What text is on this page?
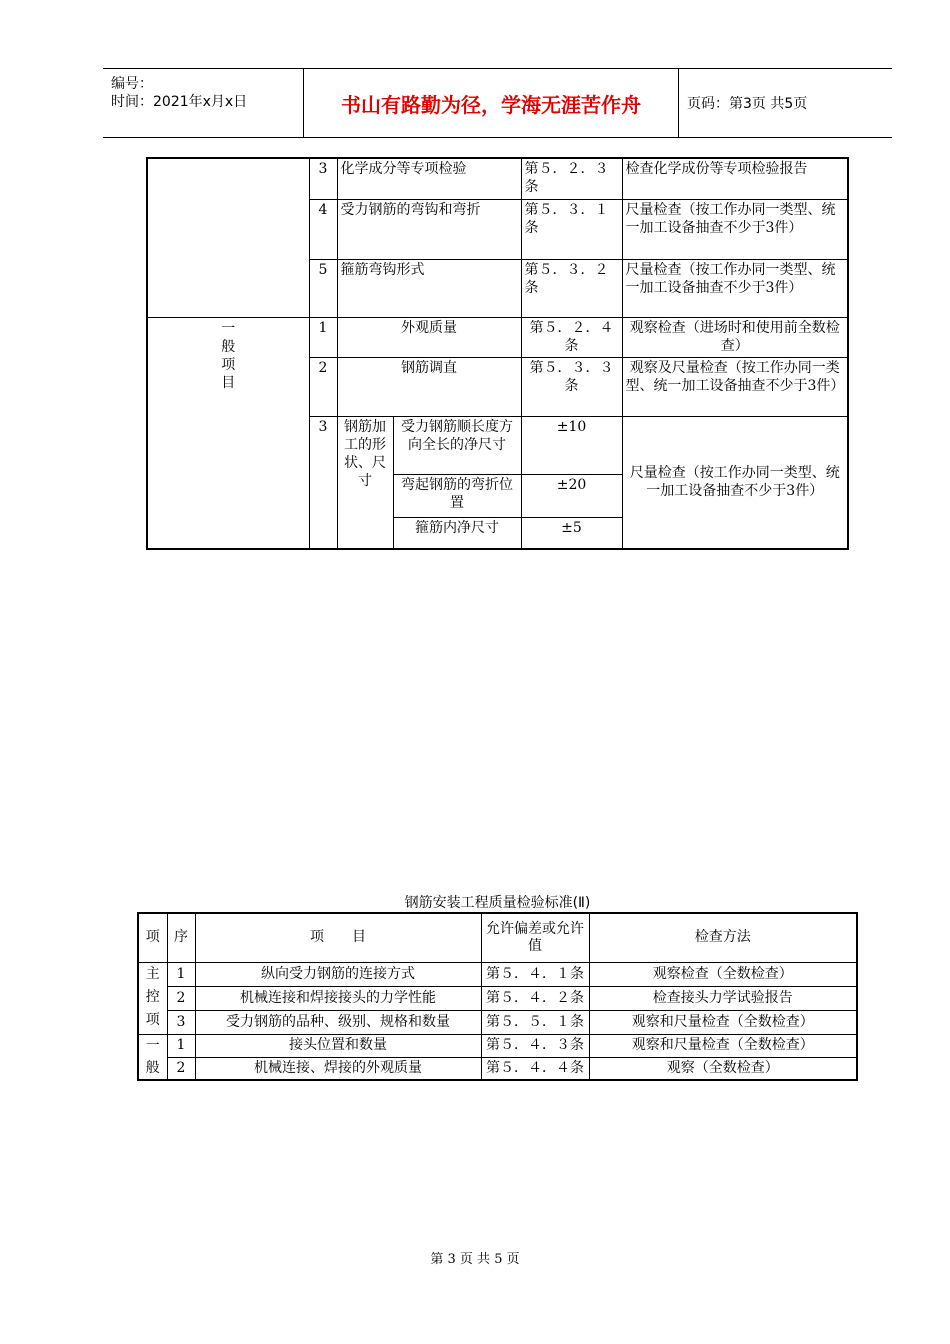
编号：
时间：2021年x月x日	书山有路勤为径，学海无涯苦作舟	页码：第3页 共5页
	3	化学成分等专项检验		第５．２．３条	检查化学成份等专项检验报告
	4	受力钢筋的弯钩和弯折		第５．３．１条	尺量检查（按工作办同一类型、统一加工设备抽查不少于3件）
	5	箍筋弯钩形式		第５．３．２条	尺量检查（按工作办同一类型、统一加工设备抽查不少于3件）

一般项目	1	外观质量		第５．２．４条	观察检查（进场时和使用前全数检查）
	2	钢筋调直		第５．３．３条	观察及尺量检查（按工作办同一类型、统一加工设备抽查不少于3件）
	3	钢筋加工的形状、尺寸	受力钢筋顺长度方向全长的净尺寸	±10	尺量检查（按工作办同一类型、统一加工设备抽查不少于3件）
			弯起钢筋的弯折位置	±20	
			箍筋内净尺寸	±5	
钢筋安装工程质量检验标准(Ⅱ)
项	序	项　　目	允许偏差或允许值	检查方法

主控项	1	纵向受力钢筋的连接方式	第５．４．１条	观察检查（全数检查）
	2	机械连接和焊接接头的力学性能	第５．４．２条	检查接头力学试验报告
	3	受力钢筋的品种、级别、规格和数量	第５．５．１条	观察和尺量检查（全数检查）

一般	1	接头位置和数量	第５．４．３条	观察和尺量检查（全数检查）
	2	机械连接、焊接的外观质量	第５．４．４条	观察（全数检查）
第 3 页 共 5 页
